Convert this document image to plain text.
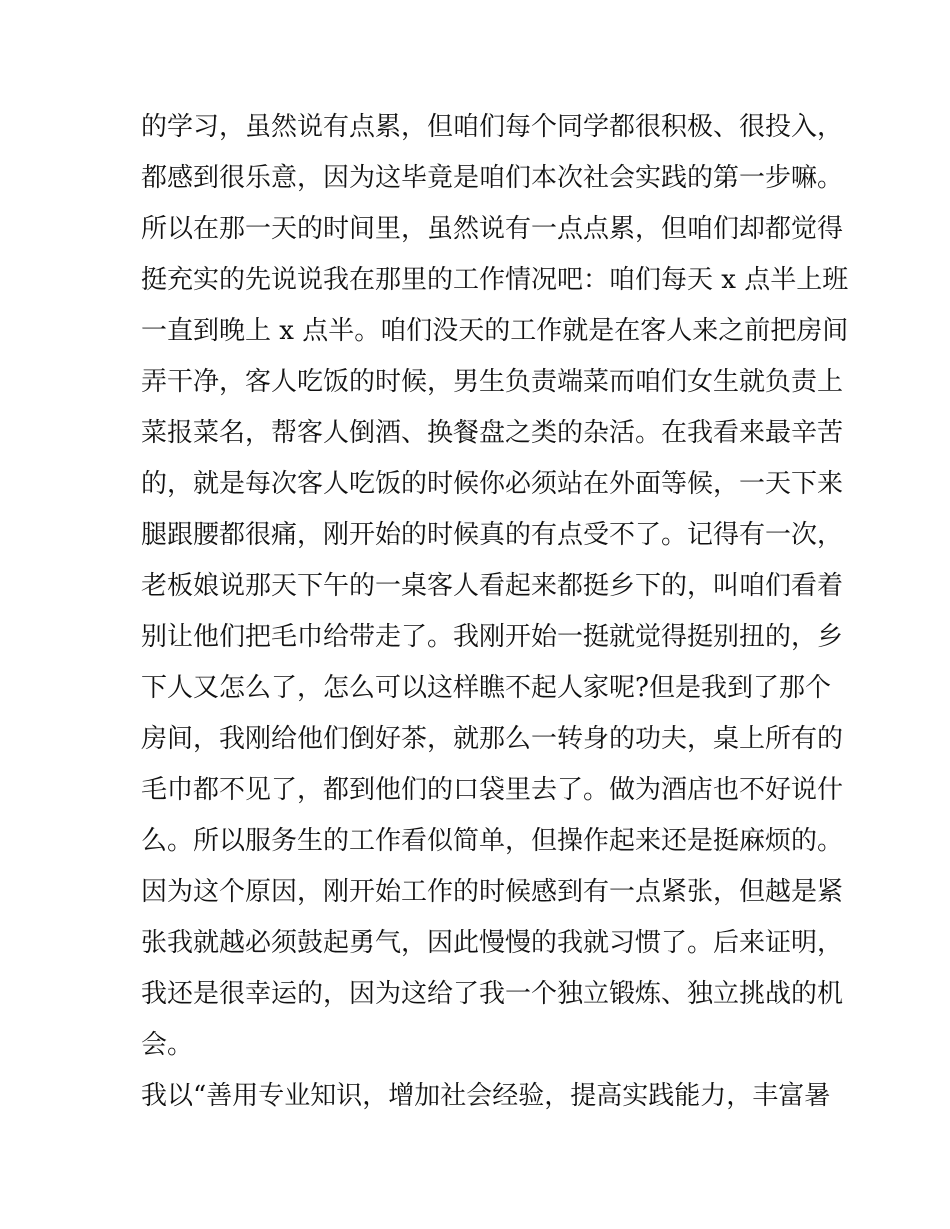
的学习，虽然说有点累，但咱们每个同学都很积极、很投入，
都感到很乐意，因为这毕竟是咱们本次社会实践的第一步嘛。
所以在那一天的时间里，虽然说有一点点累，但咱们却都觉得
挺充实的先说说我在那里的工作情况吧：咱们每天 x 点半上班
一直到晚上 x 点半。咱们没天的工作就是在客人来之前把房间
弄干净，客人吃饭的时候，男生负责端菜而咱们女生就负责上
菜报菜名，帮客人倒酒、换餐盘之类的杂活。在我看来最辛苦
的，就是每次客人吃饭的时候你必须站在外面等候，一天下来
腿跟腰都很痛，刚开始的时候真的有点受不了。记得有一次，
老板娘说那天下午的一桌客人看起来都挺乡下的，叫咱们看着
别让他们把毛巾给带走了。我刚开始一挺就觉得挺别扭的，乡
下人又怎么了，怎么可以这样瞧不起人家呢?但是我到了那个
房间，我刚给他们倒好茶，就那么一转身的功夫，桌上所有的
毛巾都不见了，都到他们的口袋里去了。做为酒店也不好说什
么。所以服务生的工作看似简单，但操作起来还是挺麻烦的。
因为这个原因，刚开始工作的时候感到有一点紧张，但越是紧
张我就越必须鼓起勇气，因此慢慢的我就习惯了。后来证明，
我还是很幸运的，因为这给了我一个独立锻炼、独立挑战的机
会。
我以“善用专业知识，增加社会经验，提高实践能力，丰富暑
